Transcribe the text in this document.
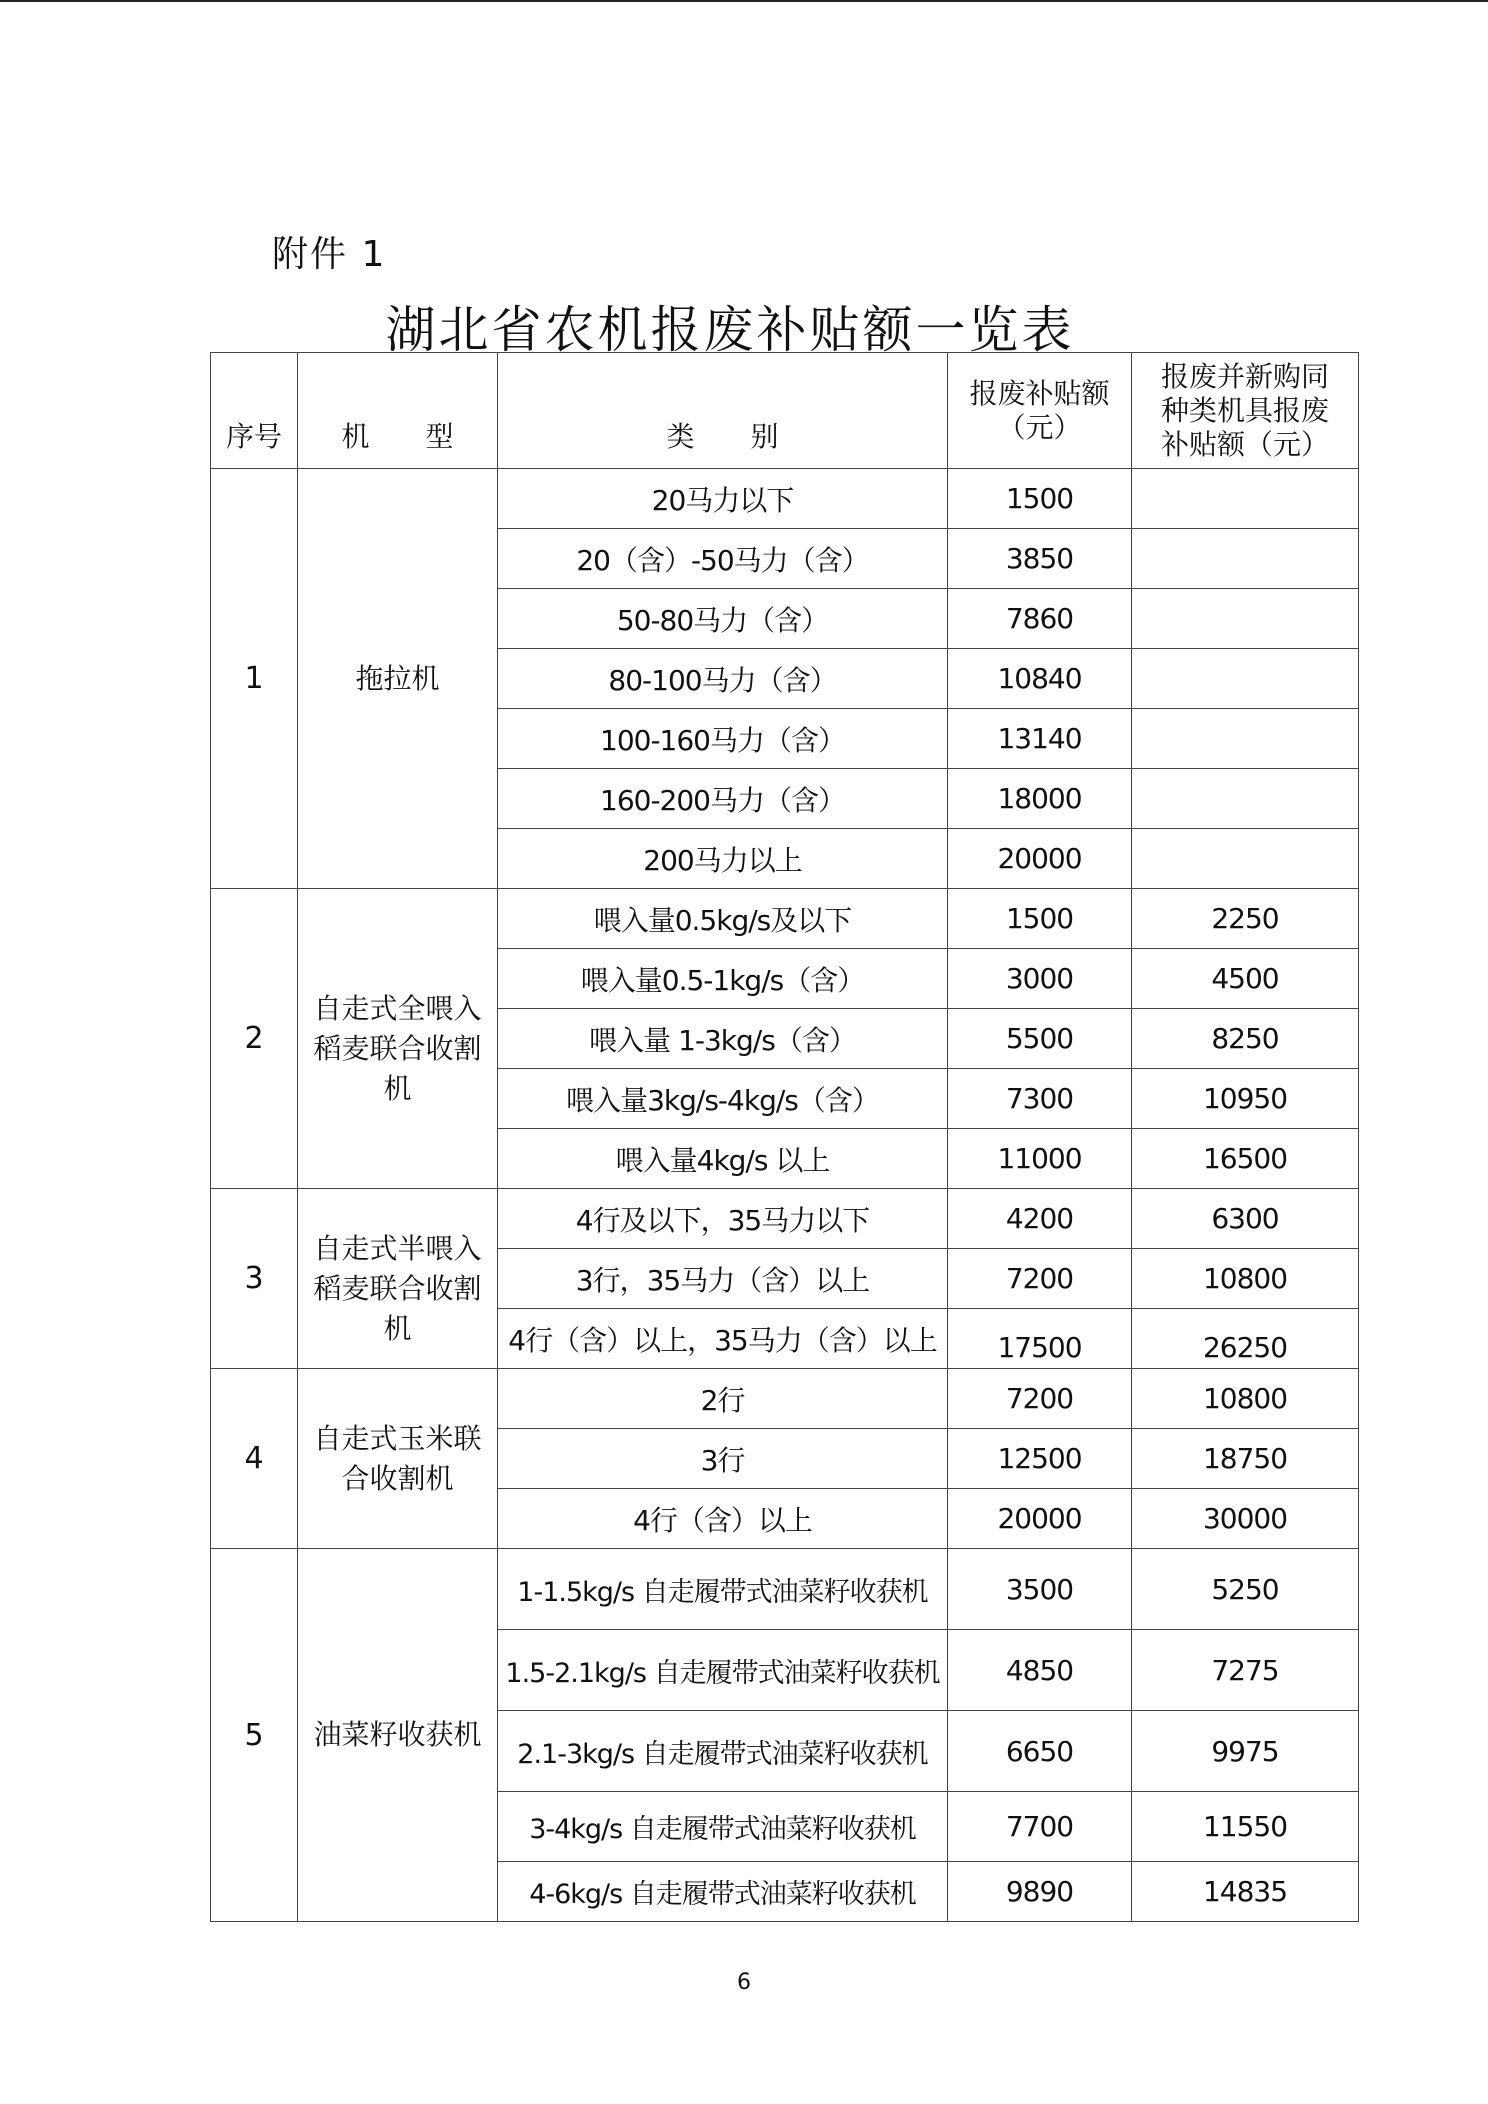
附件 1
湖北省农机报废补贴额一览表
序号	机　　型	类　　别	报废补贴额（元）	报废并新购同种类机具报废补贴额（元）
1	拖拉机	20马力以下	1500	
		20（含）-50马力（含）	3850	
		50-80马力（含）	7860	
		80-100马力（含）	10840	
		100-160马力（含）	13140	
		160-200马力（含）	18000	
		200马力以上	20000	
2	自走式全喂入稻麦联合收割机	喂入量0.5kg/s及以下	1500	2250
		喂入量0.5-1kg/s（含）	3000	4500
		喂入量 1-3kg/s（含）	5500	8250
		喂入量3kg/s-4kg/s（含）	7300	10950
		喂入量4kg/s 以上	11000	16500
3	自走式半喂入稻麦联合收割机	4行及以下，35马力以下	4200	6300
		3行，35马力（含）以上	7200	10800
		4行（含）以上，35马力（含）以上	17500	26250
4	自走式玉米联合收割机	2行	7200	10800
		3行	12500	18750
		4行（含）以上	20000	30000
5	油菜籽收获机	1-1.5kg/s 自走履带式油菜籽收获机	3500	5250
		1.5-2.1kg/s 自走履带式油菜籽收获机	4850	7275
		2.1-3kg/s 自走履带式油菜籽收获机	6650	9975
		3-4kg/s 自走履带式油菜籽收获机	7700	11550
		4-6kg/s 自走履带式油菜籽收获机	9890	14835
6
